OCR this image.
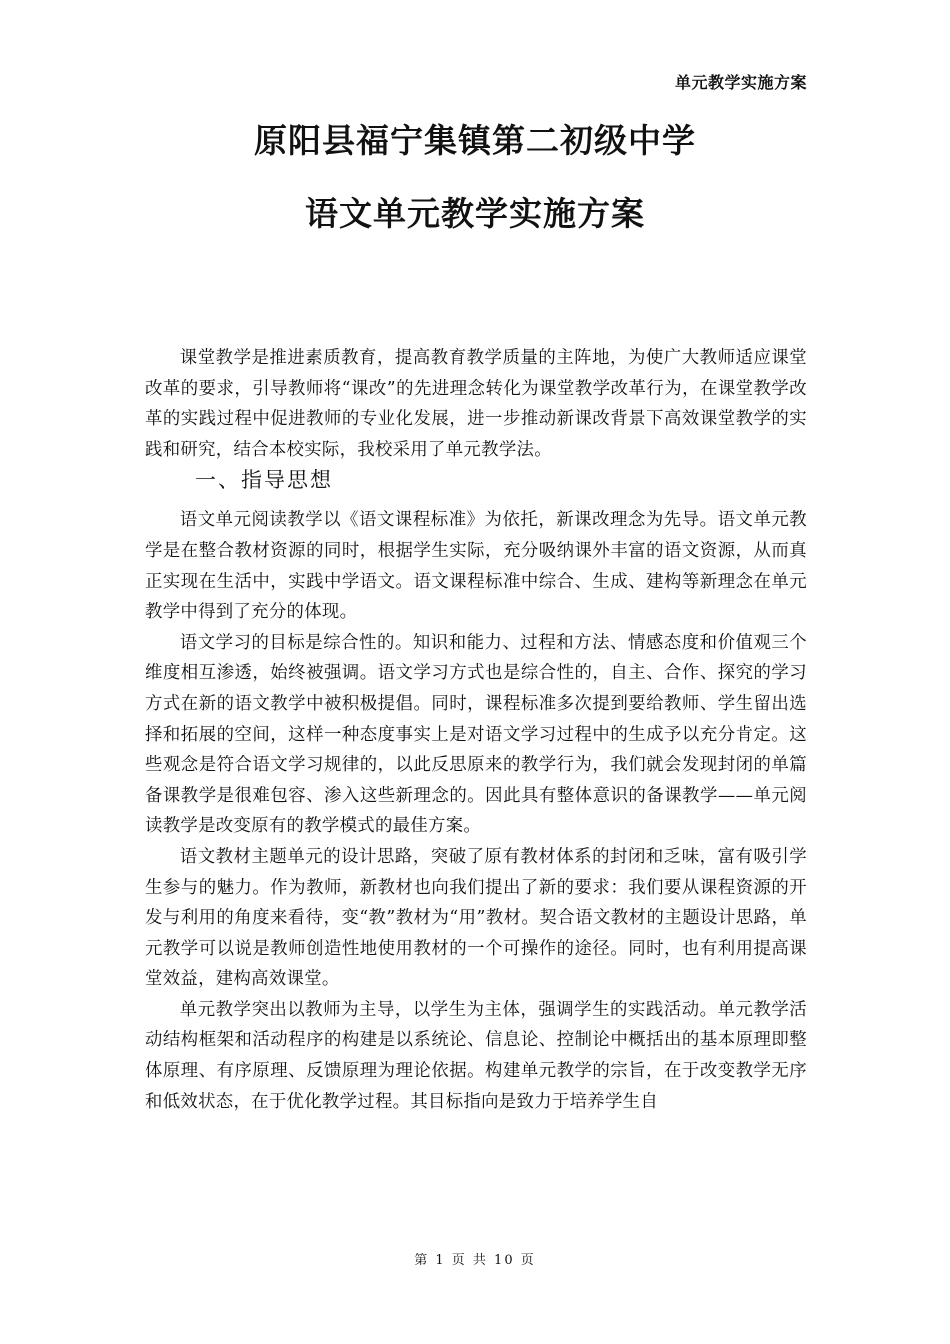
单元教学实施方案
原阳县福宁集镇第二初级中学
语文单元教学实施方案

课堂教学是推进素质教育，提高教育教学质量的主阵地，为使广大教师适应课堂改革的要求，引导教师将“课改”的先进理念转化为课堂教学改革行为，在课堂教学改革的实践过程中促进教师的专业化发展，进一步推动新课改背景下高效课堂教学的实践和研究，结合本校实际，我校采用了单元教学法。

一、指导思想

语文单元阅读教学以《语文课程标准》为依托，新课改理念为先导。语文单元教学是在整合教材资源的同时，根据学生实际，充分吸纳课外丰富的语文资源，从而真正实现在生活中，实践中学语文。语文课程标准中综合、生成、建构等新理念在单元教学中得到了充分的体现。

语文学习的目标是综合性的。知识和能力、过程和方法、情感态度和价值观三个维度相互渗透，始终被强调。语文学习方式也是综合性的，自主、合作、探究的学习方式在新的语文教学中被积极提倡。同时，课程标准多次提到要给教师、学生留出选择和拓展的空间，这样一种态度事实上是对语文学习过程中的生成予以充分肯定。这些观念是符合语文学习规律的，以此反思原来的教学行为，我们就会发现封闭的单篇备课教学是很难包容、渗入这些新理念的。因此具有整体意识的备课教学——单元阅读教学是改变原有的教学模式的最佳方案。

语文教材主题单元的设计思路，突破了原有教材体系的封闭和乏味，富有吸引学生参与的魅力。作为教师，新教材也向我们提出了新的要求：我们要从课程资源的开发与利用的角度来看待，变“教”教材为“用”教材。契合语文教材的主题设计思路，单元教学可以说是教师创造性地使用教材的一个可操作的途径。同时，也有利用提高课堂效益，建构高效课堂。

单元教学突出以教师为主导，以学生为主体，强调学生的实践活动。单元教学活动结构框架和活动程序的构建是以系统论、信息论、控制论中概括出的基本原理即整体原理、有序原理、反馈原理为理论依据。构建单元教学的宗旨，在于改变教学无序和低效状态，在于优化教学过程。其目标指向是致力于培养学生自

第 1 页 共 10 页
